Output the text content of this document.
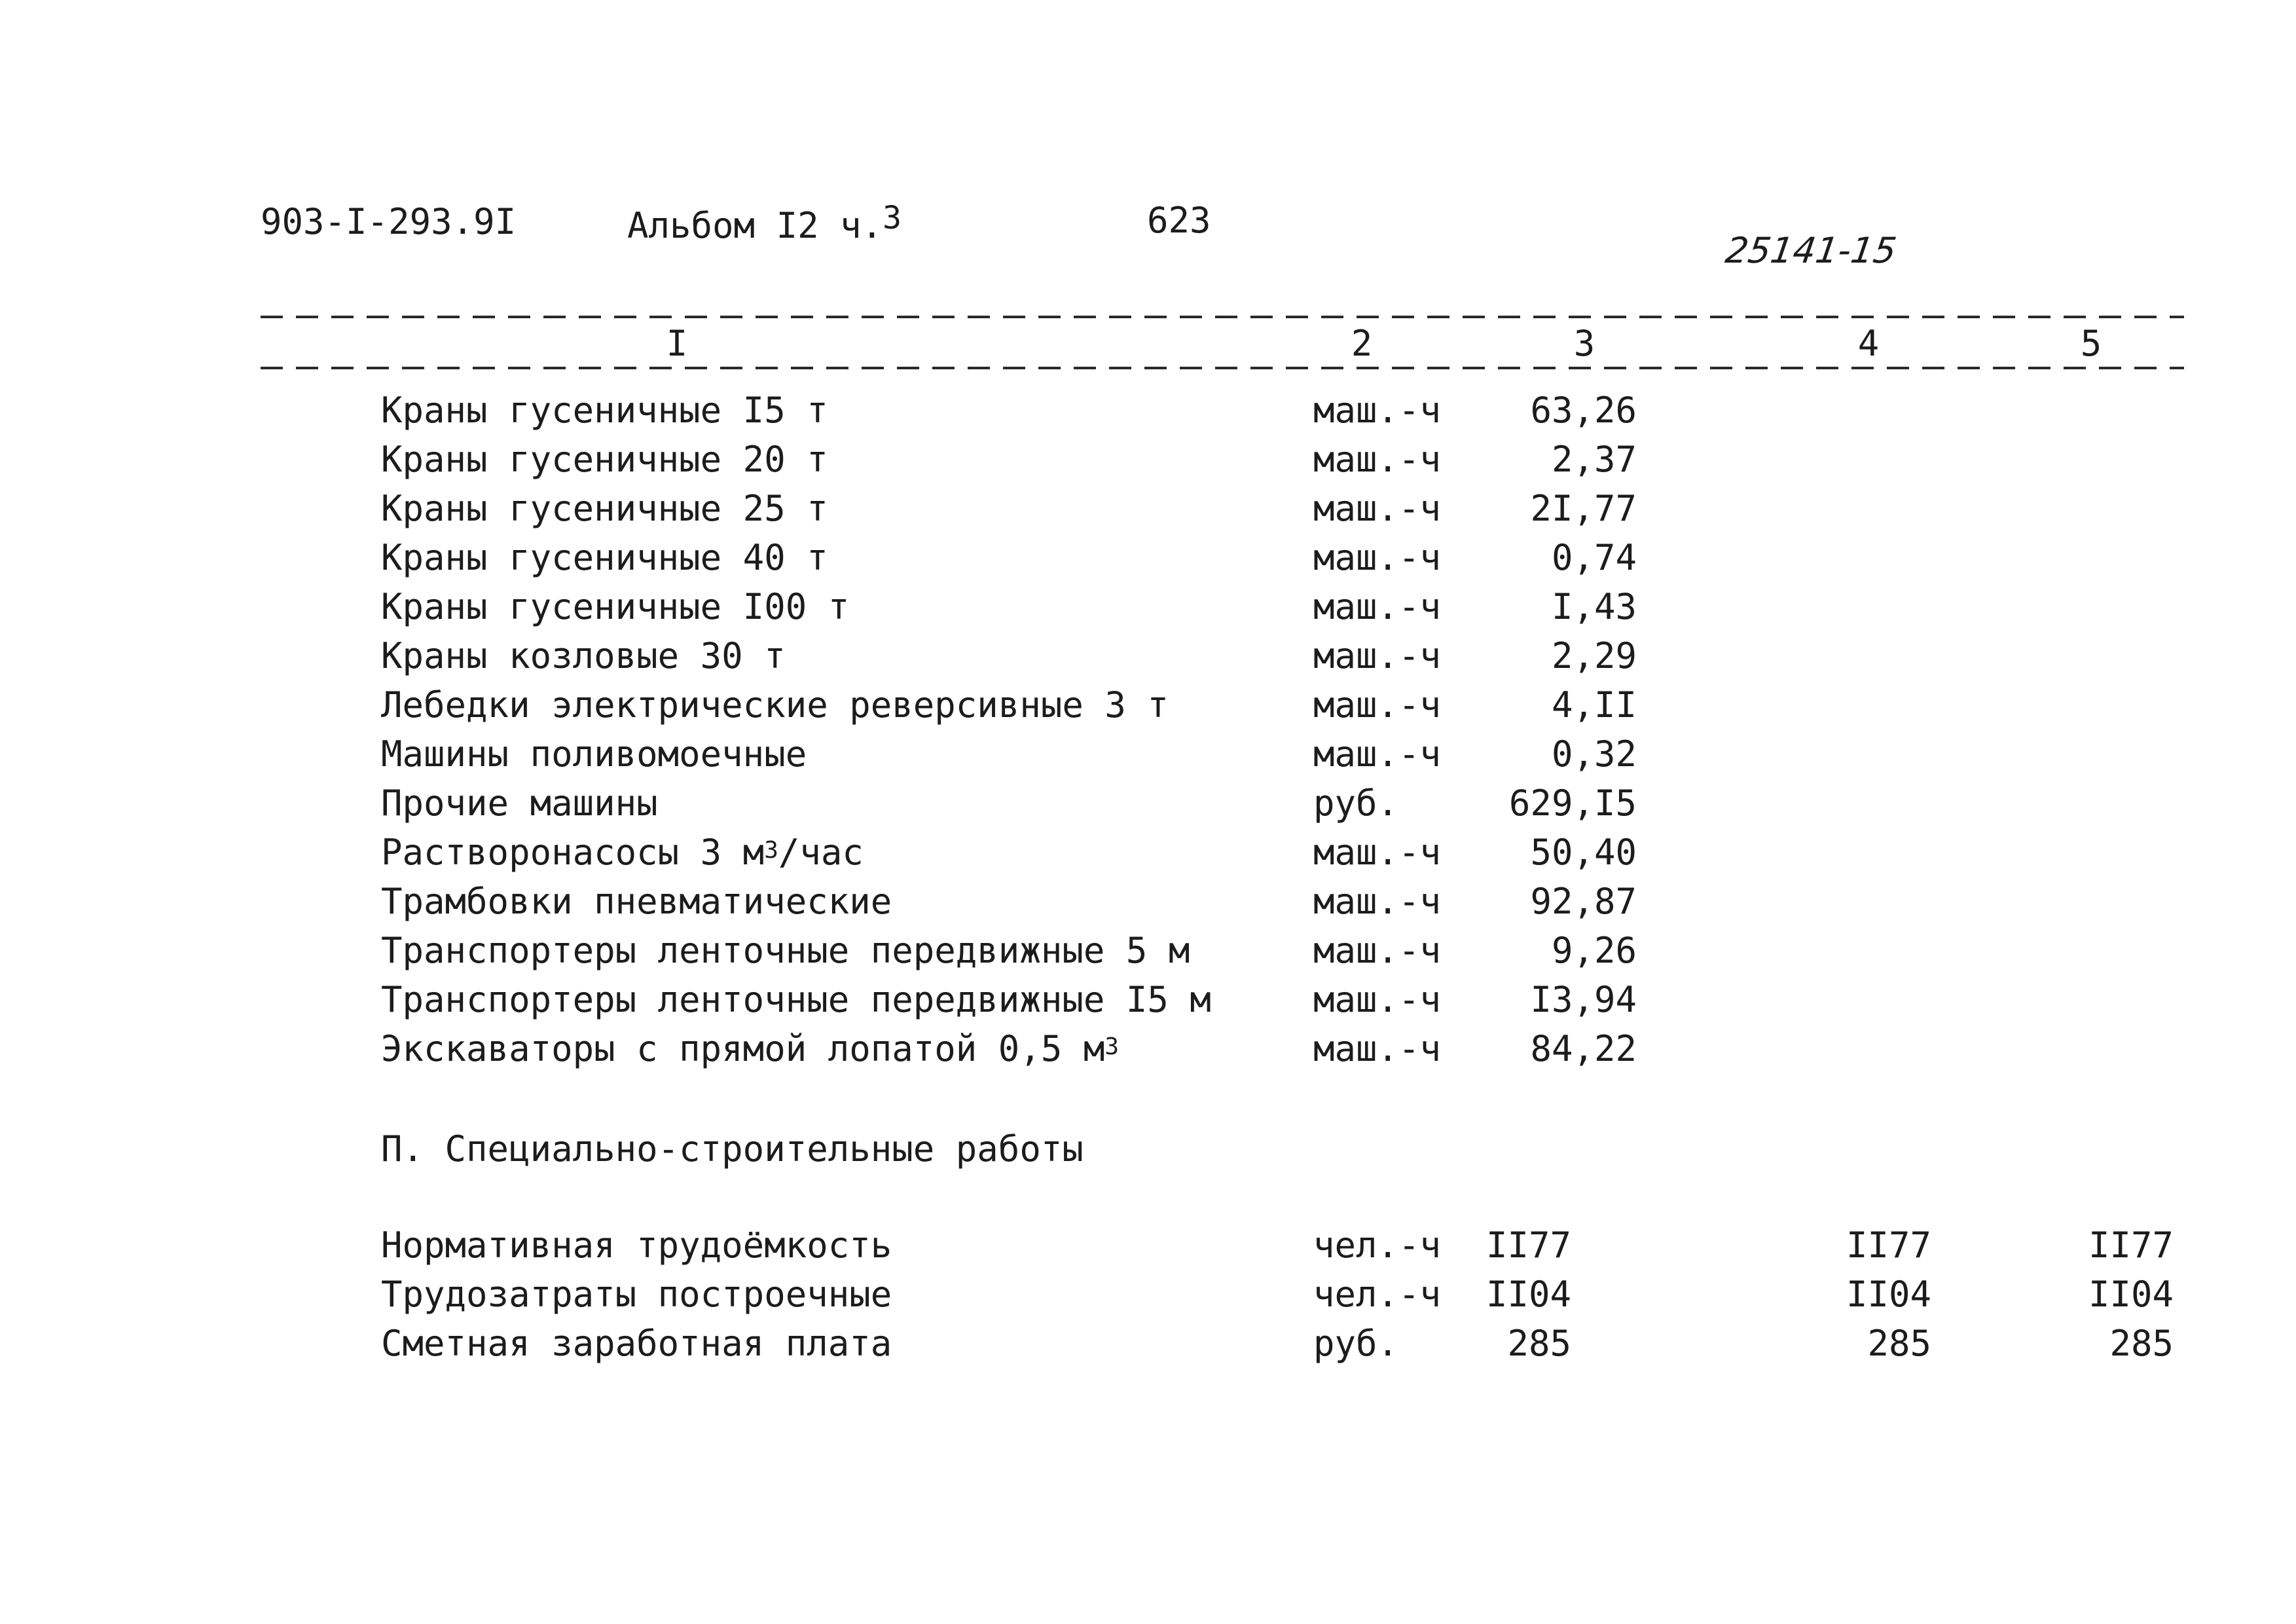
903-I-293.9I	Альбом I2 ч.3	623
25141-15
I	2	3	4	5
Краны гусеничные I5 т	маш.-ч	63,26
Краны гусеничные 20 т	маш.-ч	2,37
Краны гусеничные 25 т	маш.-ч	2I,77
Краны гусеничные 40 т	маш.-ч	0,74
Краны гусеничные I00 т	маш.-ч	I,43
Краны козловые 30 т	маш.-ч	2,29
Лебедки электрические реверсивные 3 т	маш.-ч	4,II
Машины поливомоечные	маш.-ч	0,32
Прочие машины	руб.	629,I5
Растворонасосы 3 $м^3$/час	маш.-ч	50,40
Трамбовки пневматические	маш.-ч	92,87
Транспортеры ленточные передвижные 5 м	маш.-ч	9,26
Транспортеры ленточные передвижные I5 м	маш.-ч	I3,94
Экскаваторы с прямой лопатой 0,5 $м^3$	маш.-ч	84,22
П. Специально-строительные работы
Нормативная трудоёмкость	чел.-ч	II77	II77	II77
Трудозатраты построечные	чел.-ч	II04	II04	II04
Сметная заработная плата	руб.	285	285	285
